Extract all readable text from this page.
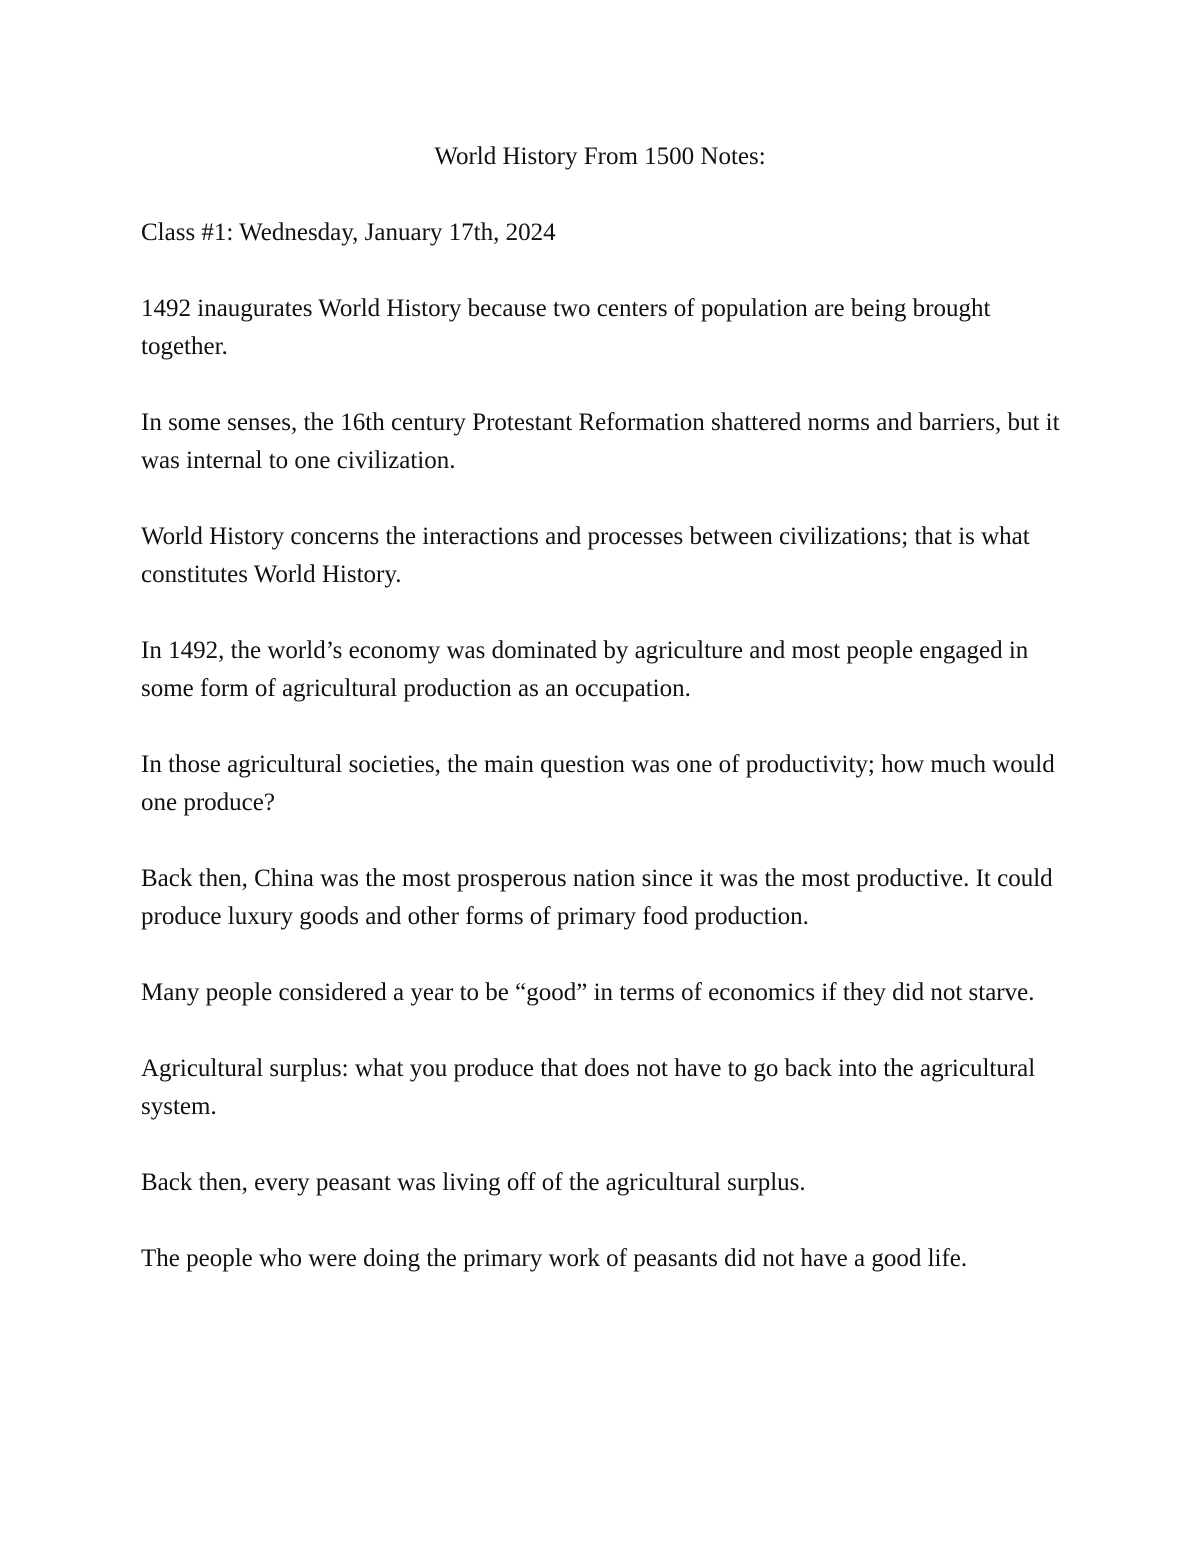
World History From 1500 Notes:

Class #1: Wednesday, January 17th, 2024

1492 inaugurates World History because two centers of population are being brought together.

In some senses, the 16th century Protestant Reformation shattered norms and barriers, but it was internal to one civilization.

World History concerns the interactions and processes between civilizations; that is what constitutes World History.

In 1492, the world’s economy was dominated by agriculture and most people engaged in some form of agricultural production as an occupation.

In those agricultural societies, the main question was one of productivity; how much would one produce?

Back then, China was the most prosperous nation since it was the most productive. It could produce luxury goods and other forms of primary food production.

Many people considered a year to be “good” in terms of economics if they did not starve.

Agricultural surplus: what you produce that does not have to go back into the agricultural system.

Back then, every peasant was living off of the agricultural surplus.

The people who were doing the primary work of peasants did not have a good life.
